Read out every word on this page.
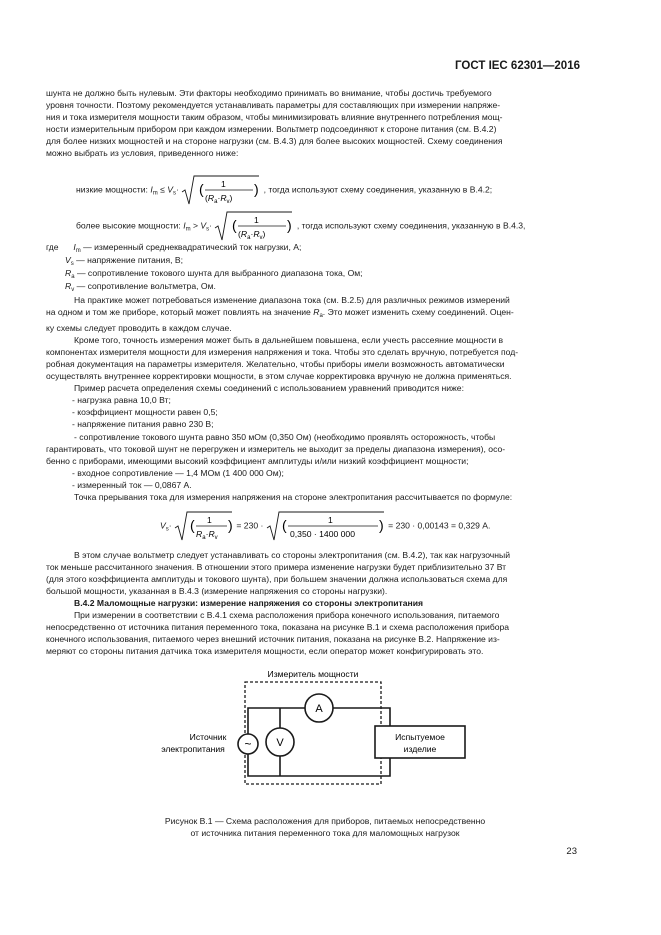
ГОСТ IEC 62301—2016

шунта не должно быть нулевым. Эти факторы необходимо принимать во внимание, чтобы достичь требуемого

уровня точности. Поэтому рекомендуется устанавливать параметры для составляющих при измерении напряже-

ния и тока измерителя мощности таким образом, чтобы минимизировать влияние внутреннего потребления мощ-

ности измерительным прибором при каждом измерении. Вольтметр подсоединяют к стороне питания (см. В.4.2)

для более низких мощностей и на стороне нагрузки (см. В.4.3) для более высоких мощностей. Схему соединения

можно выбрать из условия, приведенного ниже:

низкие мощности: $I_m \le V_s\cdot$ ( 1
$(R_a\cdot R_v)$
) , тогда используют схему соединения, указанную в В.4.2;
более высокие мощности: $I_m > V_s\cdot$ ( 1
$(R_a\cdot R_v)$
) , тогда используют схему соединения, указанную в В.4.3,
где $I_m$ — измеренный среднеквадратический ток нагрузки, А;
$V_s$ — напряжение питания, В;
$R_a$ — сопротивление токового шунта для выбранного диапазона тока, Ом;
$R_v$ — сопротивление вольтметра, Ом.

На практике может потребоваться изменение диапазона тока (см. В.2.5) для различных режимов измерений

на одном и том же приборе, который может повлиять на значение $R_a$. Это может изменить схему соединений. Оцен-

ку схемы следует проводить в каждом случае.

Кроме того, точность измерения может быть в дальнейшем повышена, если учесть рассеяние мощности в

компонентах измерителя мощности для измерения напряжения и тока. Чтобы это сделать вручную, потребуется под-

робная документация на параметры измерителя. Желательно, чтобы приборы имели возможность автоматически

осуществлять внутреннее корректировки мощности, в этом случае корректировка вручную не должна применяться.

Пример расчета определения схемы соединений с использованием уравнений приводится ниже:

- нагрузка равна 10,0 Вт;

- коэффициент мощности равен 0,5;

- напряжение питания равно 230 В;

- сопротивление токового шунта равно 350 мОм (0,350 Ом) (необходимо проявлять осторожность, чтобы

гарантировать, что токовой шунт не перегружен и измеритель не выходит за пределы диапазона измерения), осо-

бенно с приборами, имеющими высокий коэффициент амплитуды и/или низкий коэффициент мощности;

- входное сопротивление — 1,4 МОм (1 400 000 Ом);

- измеренный ток — 0,0867 А.

Точка прерывания тока для измерения напряжения на стороне электропитания рассчитывается по формуле:

$V_s\cdot$ ( 1
$R_a\cdot R_v$
) = 230 · (	1
0,350 · 1400 000
) = 230 · 0,00143 = 0,329 А.

В этом случае вольтметр следует устанавливать со стороны электропитания (см. В.4.2), так как нагрузочный

ток меньше рассчитанного значения. В отношении этого примера изменение нагрузки будет приблизительно 37 Вт

(для этого коэффициента амплитуды и токового шунта), при большем значении должна использоваться схема для

большой мощности, указанная в В.4.3 (измерение напряжения со стороны нагрузки).

В.4.2 Маломощные нагрузки: измерение напряжения со стороны электропитания

При измерении в соответствии с В.4.1 схема расположения прибора конечного использования, питаемого

непосредственно от источника питания переменного тока, показана на рисунке В.1 и схема расположения прибора

конечного использования, питаемого через внешний источник питания, показана на рисунке В.2. Напряжение из-

меряют со стороны питания датчика тока измерителя мощности, если оператор может конфигурировать это.

Измеритель мощности
Источник
электропитания ~
A
V	Испытуемое
изделие
Рисунок В.1 — Схема расположения для приборов, питаемых непосредственно
от источника питания переменного тока для маломощных нагрузок
23
